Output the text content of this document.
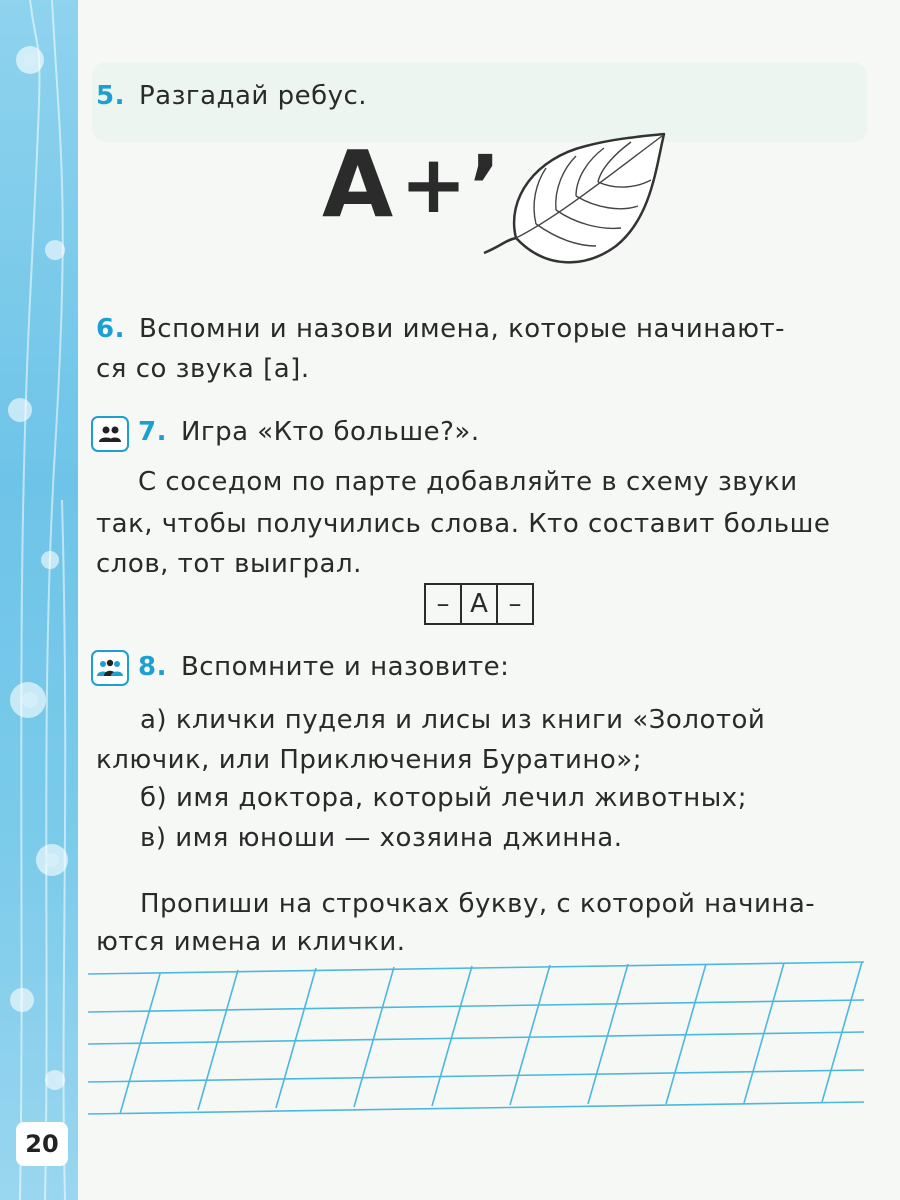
5. Разгадай ребус.
А + ,
6. Вспомни и назови имена, которые начинают-
ся со звука [а].
7. Игра «Кто больше?».
С соседом по парте добавляйте в схему звуки
так, чтобы получились слова. Кто составит больше
слов, тот выиграл.
– А –
8. Вспомните и назовите:
а) клички пуделя и лисы из книги «Золотой
ключик, или Приключения Буратино»;
б) имя доктора, который лечил животных;
в) имя юноши — хозяина джинна.
Пропиши на строчках букву, с которой начина-
ются имена и клички.
20
